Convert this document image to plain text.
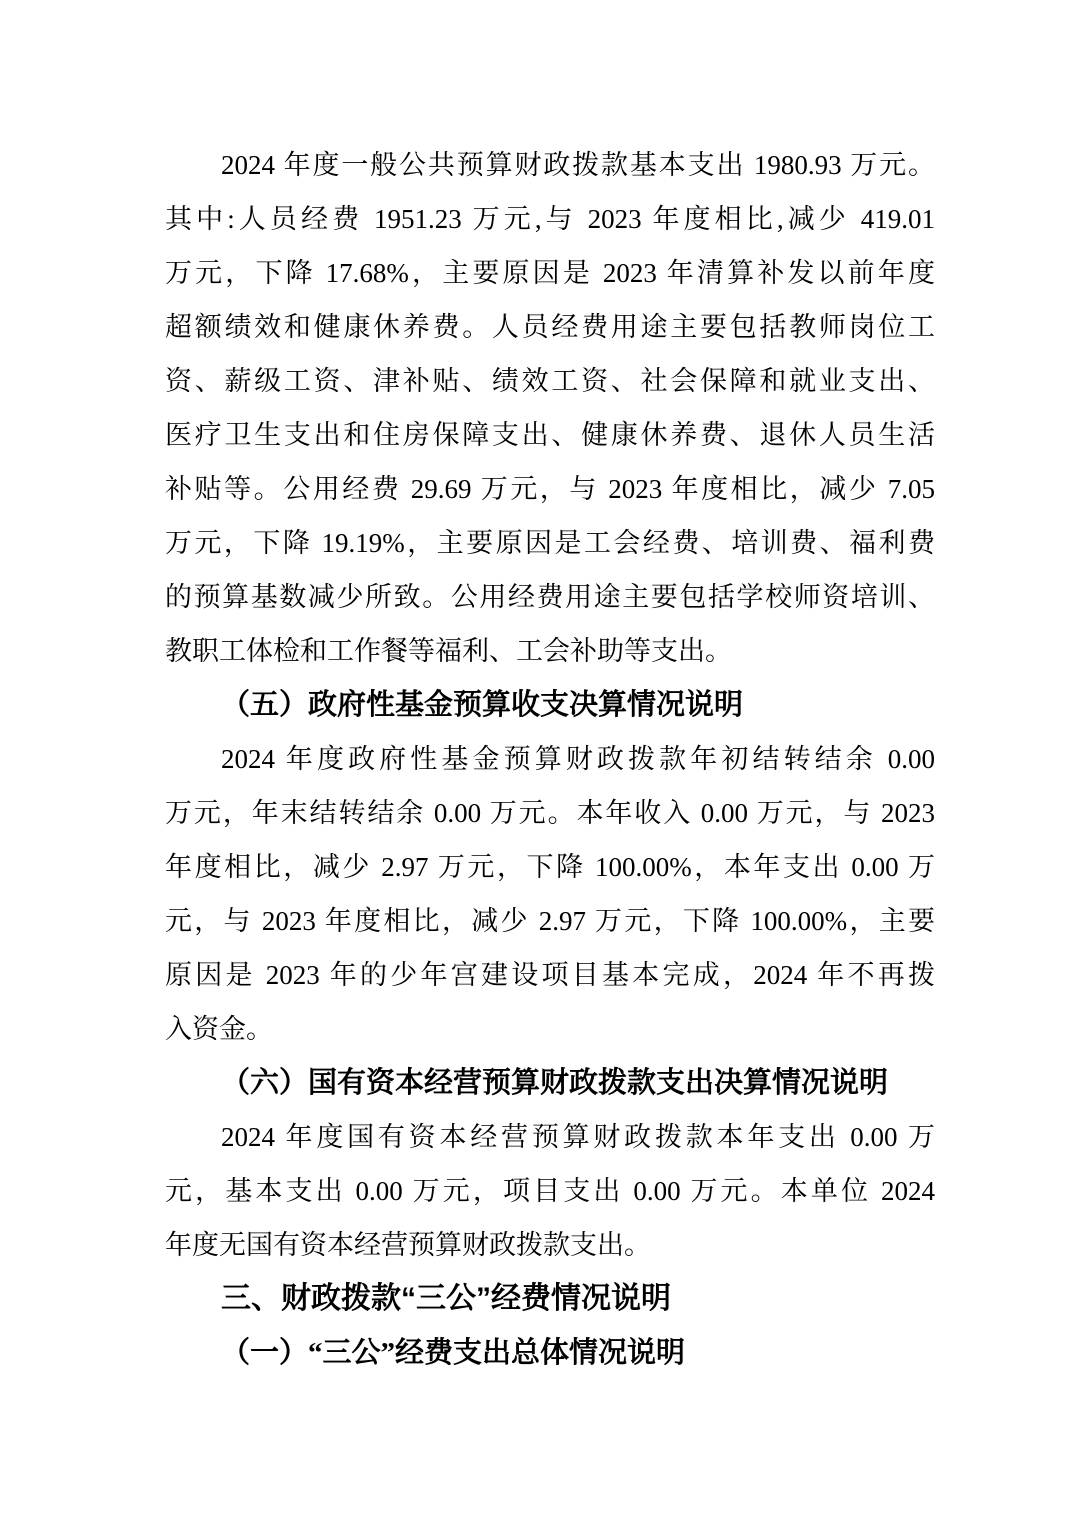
2024 年度一般公共预算财政拨款基本支出 1980.93 万元。
其中:人员经费 1951.23 万元,与 2023 年度相比,减少 419.01
万元，下降 17.68%，主要原因是 2023 年清算补发以前年度
超额绩效和健康休养费。人员经费用途主要包括教师岗位工
资、薪级工资、津补贴、绩效工资、社会保障和就业支出、
医疗卫生支出和住房保障支出、健康休养费、退休人员生活
补贴等。公用经费 29.69 万元，与 2023 年度相比，减少 7.05
万元，下降 19.19%，主要原因是工会经费、培训费、福利费
的预算基数减少所致。公用经费用途主要包括学校师资培训、
教职工体检和工作餐等福利、工会补助等支出。
（五）政府性基金预算收支决算情况说明
2024 年度政府性基金预算财政拨款年初结转结余 0.00
万元，年末结转结余 0.00 万元。本年收入 0.00 万元，与 2023
年度相比，减少 2.97 万元，下降 100.00%，本年支出 0.00 万
元，与 2023 年度相比，减少 2.97 万元，下降 100.00%，主要
原因是 2023 年的少年宫建设项目基本完成，2024 年不再拨
入资金。
（六）国有资本经营预算财政拨款支出决算情况说明
2024 年度国有资本经营预算财政拨款本年支出 0.00 万
元，基本支出 0.00 万元，项目支出 0.00 万元。本单位 2024
年度无国有资本经营预算财政拨款支出。
三、财政拨款“三公”经费情况说明
（一）“三公”经费支出总体情况说明
